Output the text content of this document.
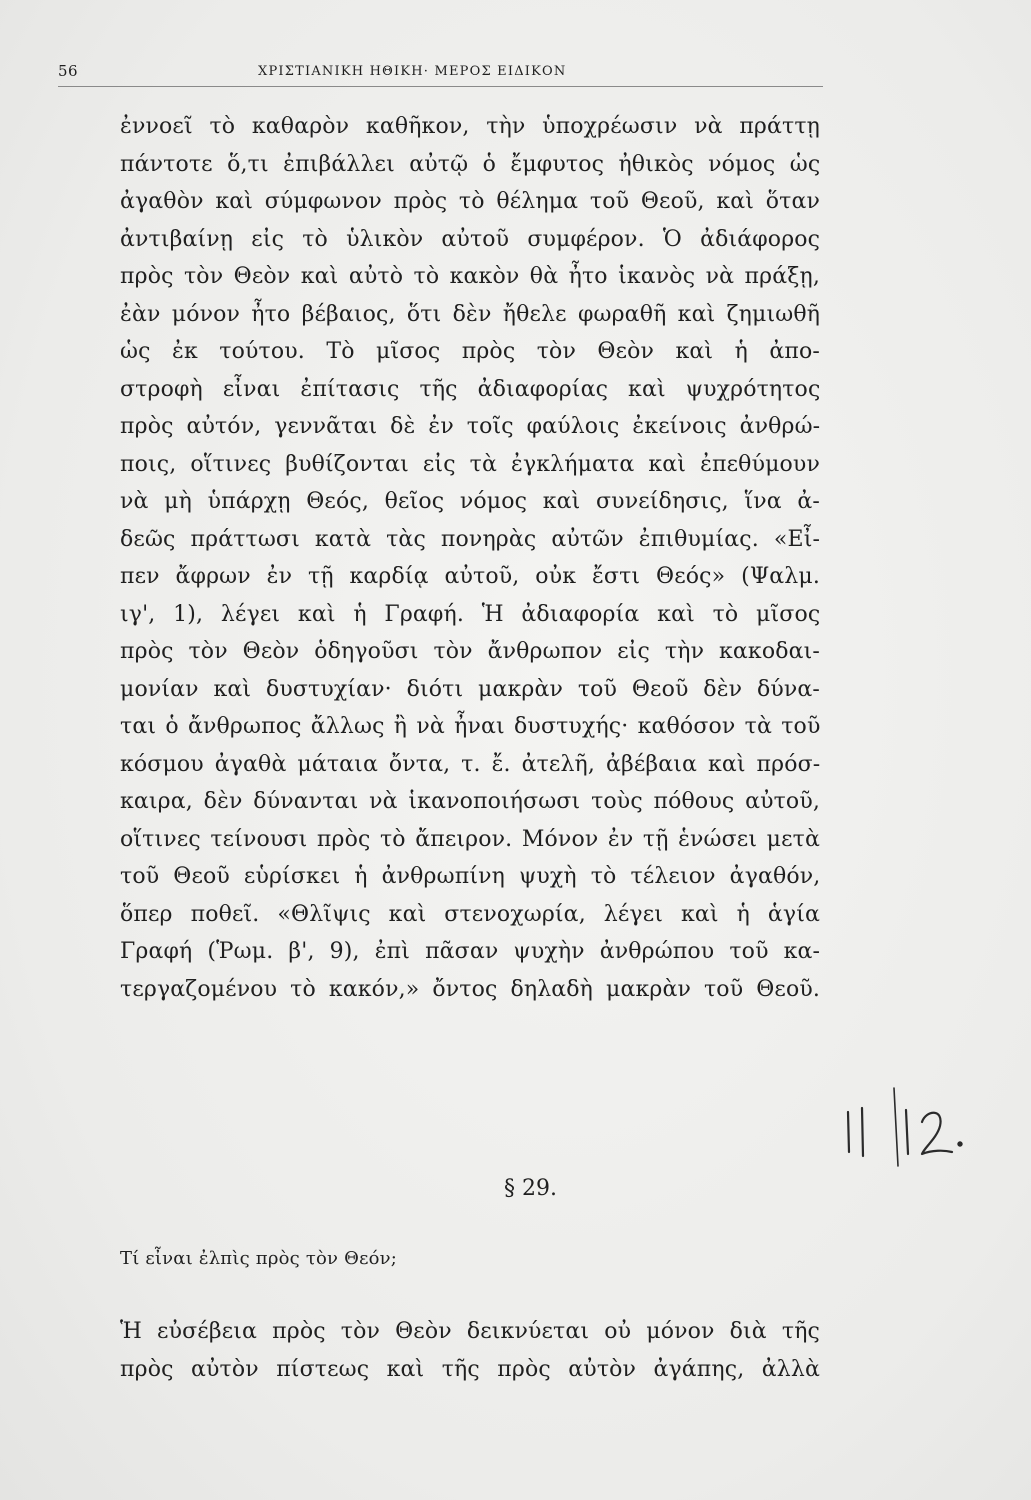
56	ΧΡΙΣΤΙΑΝΙΚΗ ΗΘΙΚΗ· ΜΕΡΟΣ ΕΙΔΙΚΟΝ
ἐννοεῖ τὸ καθαρὸν καθῆκον, τὴν ὑποχρέωσιν νὰ πράττῃ
πάντοτε ὅ,τι ἐπιβάλλει αὐτῷ ὁ ἔμφυτος ἠθικὸς νόμος ὡς
ἀγαθὸν καὶ σύμφωνον πρὸς τὸ θέλημα τοῦ Θεοῦ, καὶ ὅταν
ἀντιβαίνῃ εἰς τὸ ὑλικὸν αὐτοῦ συμφέρον. Ὁ ἀδιάφορος
πρὸς τὸν Θεὸν καὶ αὐτὸ τὸ κακὸν θὰ ἦτο ἱκανὸς νὰ πράξῃ,
ἐὰν μόνον ἦτο βέβαιος, ὅτι δὲν ἤθελε φωραθῆ καὶ ζημιωθῆ
ὡς ἐκ τούτου. Τὸ μῖσος πρὸς τὸν Θεὸν καὶ ἡ ἀπο-
στροφὴ εἶναι ἐπίτασις τῆς ἀδιαφορίας καὶ ψυχρότητος
πρὸς αὐτόν, γεννᾶται δὲ ἐν τοῖς φαύλοις ἐκείνοις ἀνθρώ-
ποις, οἵτινες βυθίζονται εἰς τὰ ἐγκλήματα καὶ ἐπεθύμουν
νὰ μὴ ὑπάρχῃ Θεός, θεῖος νόμος καὶ συνείδησις, ἵνα ἀ-
δεῶς πράττωσι κατὰ τὰς πονηρὰς αὐτῶν ἐπιθυμίας. «Εἶ-
πεν ἄφρων ἐν τῇ καρδίᾳ αὐτοῦ, οὐκ ἔστι Θεός» (Ψαλμ.
ιγ', 1), λέγει καὶ ἡ Γραφή. Ἡ ἀδιαφορία καὶ τὸ μῖσος
πρὸς τὸν Θεὸν ὁδηγοῦσι τὸν ἄνθρωπον εἰς τὴν κακοδαι-
μονίαν καὶ δυστυχίαν· διότι μακρὰν τοῦ Θεοῦ δὲν δύνα-
ται ὁ ἄνθρωπος ἄλλως ἢ νὰ ἦναι δυστυχής· καθόσον τὰ τοῦ
κόσμου ἀγαθὰ μάταια ὄντα, τ. ἔ. ἀτελῆ, ἀβέβαια καὶ πρόσ-
καιρα, δὲν δύνανται νὰ ἱκανοποιήσωσι τοὺς πόθους αὐτοῦ,
οἵτινες τείνουσι πρὸς τὸ ἄπειρον. Μόνον ἐν τῇ ἑνώσει μετὰ
τοῦ Θεοῦ εὑρίσκει ἡ ἀνθρωπίνη ψυχὴ τὸ τέλειον ἀγαθόν,
ὅπερ ποθεῖ. «Θλῖψις καὶ στενοχωρία, λέγει καὶ ἡ ἁγία
Γραφή (Ῥωμ. β', 9), ἐπὶ πᾶσαν ψυχὴν ἀνθρώπου τοῦ κα-
τεργαζομένου τὸ κακόν,» ὄντος δηλαδὴ μακρὰν τοῦ Θεοῦ.
§ 29.
Τί εἶναι ἐλπὶς πρὸς τὸν Θεόν;
Ἡ εὐσέβεια πρὸς τὸν Θεὸν δεικνύεται οὐ μόνον διὰ τῆς
πρὸς αὐτὸν πίστεως καὶ τῆς πρὸς αὐτὸν ἀγάπης, ἀλλὰ
